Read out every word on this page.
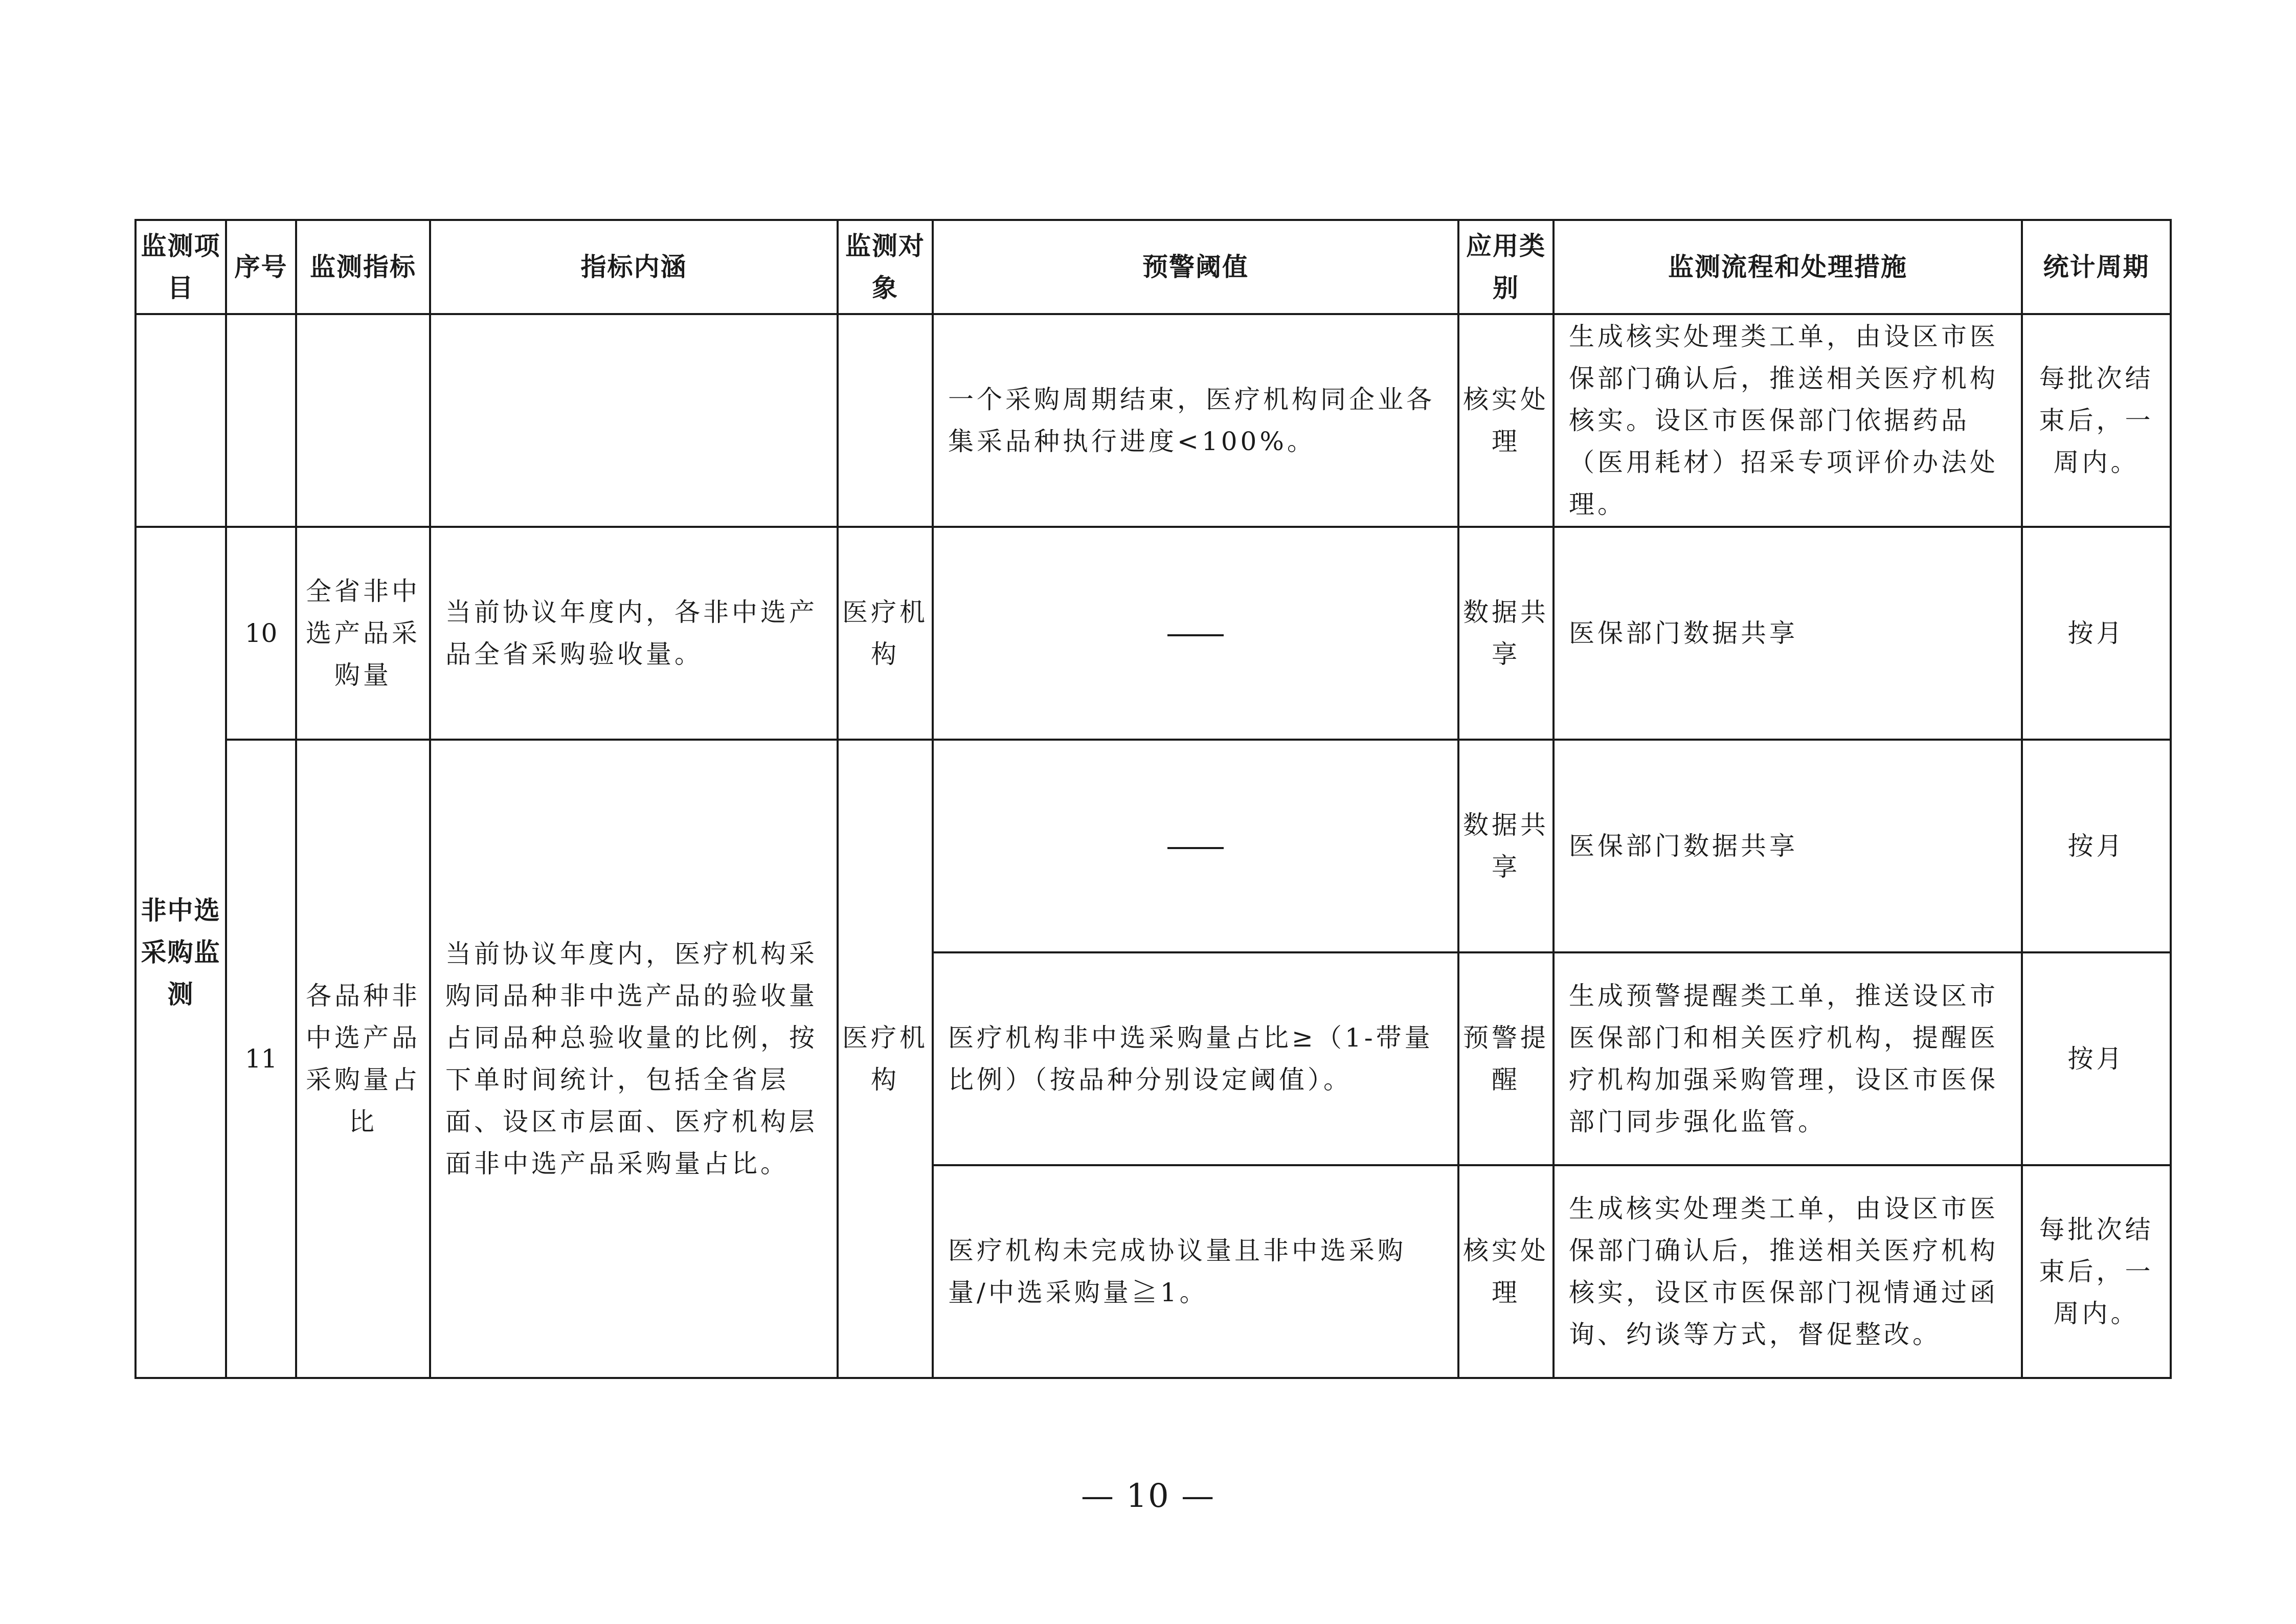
监测项目	序号	监测指标	指标内涵	监测对象	预警阈值	应用类别	监测流程和处理措施	统计周期
					一个采购周期结束，医疗机构同企业各集采品种执行进度<100%。	核实处理	生成核实处理类工单，由设区市医保部门确认后，推送相关医疗机构核实。设区市医保部门依据药品（医用耗材）招采专项评价办法处理。	每批次结束后，一周内。
非中选采购监测	10	全省非中选产品采购量	当前协议年度内，各非中选产品全省采购验收量。	医疗机构		数据共享	医保部门数据共享	按月
	11	各品种非中选产品采购量占比	当前协议年度内，医疗机构采购同品种非中选产品的验收量占同品种总验收量的比例，按下单时间统计，包括全省层面、设区市层面、医疗机构层面非中选产品采购量占比。	医疗机构		数据共享	医保部门数据共享	按月
					医疗机构非中选采购量占比≥（1-带量比例）（按品种分别设定阈值）。	预警提醒	生成预警提醒类工单，推送设区市医保部门和相关医疗机构，提醒医疗机构加强采购管理，设区市医保部门同步强化监管。	按月
					医疗机构未完成协议量且非中选采购量/中选采购量≧1。	核实处理	生成核实处理类工单，由设区市医保部门确认后，推送相关医疗机构核实，设区市医保部门视情通过函询、约谈等方式，督促整改。	每批次结束后，一周内。
— 10 —
